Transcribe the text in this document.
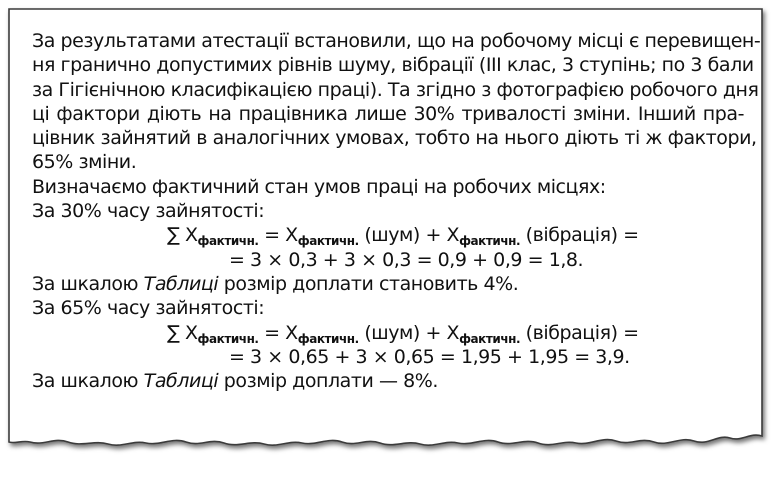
За результатами атестації встановили, що на робочому місці є перевищен-
ня гранично допустимих рівнів шуму, вібрації (ІІІ клас, 3 ступінь; по 3 бали
за Гігієнічною класифікацією праці). Та згідно з фотографією робочого дня
ці фактори діють на працівника лише 30% тривалості зміни. Інший пра-
цівник зайнятий в аналогічних умовах, тобто на нього діють ті ж фактори,
65% зміни.
Визначаємо фактичний стан умов праці на робочих місцях:
За 30% часу зайнятості:
∑ $X_{фактичн.} = X_{фактичн.}$ $(шум) + X_{фактичн.}$ (вібрація) =
= 3 × 0,3 + 3 × 0,3 = 0,9 + 0,9 = 1,8.
За шкалою Таблиці розмір доплати становить 4%.
За 65% часу зайнятості:
∑ $X_{фактичн.} = X_{фактичн.}$ $(шум) + X_{фактичн.}$ (вібрація) =
= 3 × 0,65 + 3 × 0,65 = 1,95 + 1,95 = 3,9.
За шкалою Таблиці розмір доплати — 8%.
